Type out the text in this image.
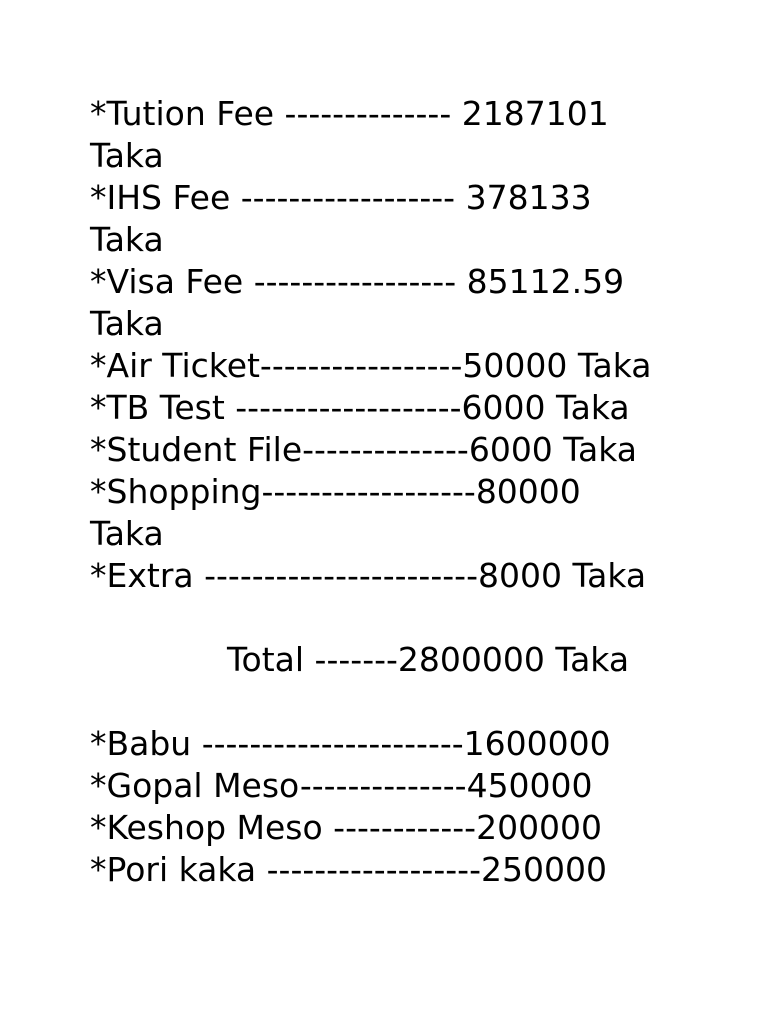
*Tution Fee -------------- 2187101
Taka
*IHS Fee ------------------ 378133
Taka
*Visa Fee ----------------- 85112.59
Taka
*Air Ticket-----------------50000 Taka
*TB Test -------------------6000 Taka
*Student File--------------6000 Taka
*Shopping------------------80000
Taka
*Extra -----------------------8000 Taka
Total -------2800000 Taka
*Babu ----------------------1600000
*Gopal Meso--------------450000
*Keshop Meso ------------200000
*Pori kaka ------------------250000
